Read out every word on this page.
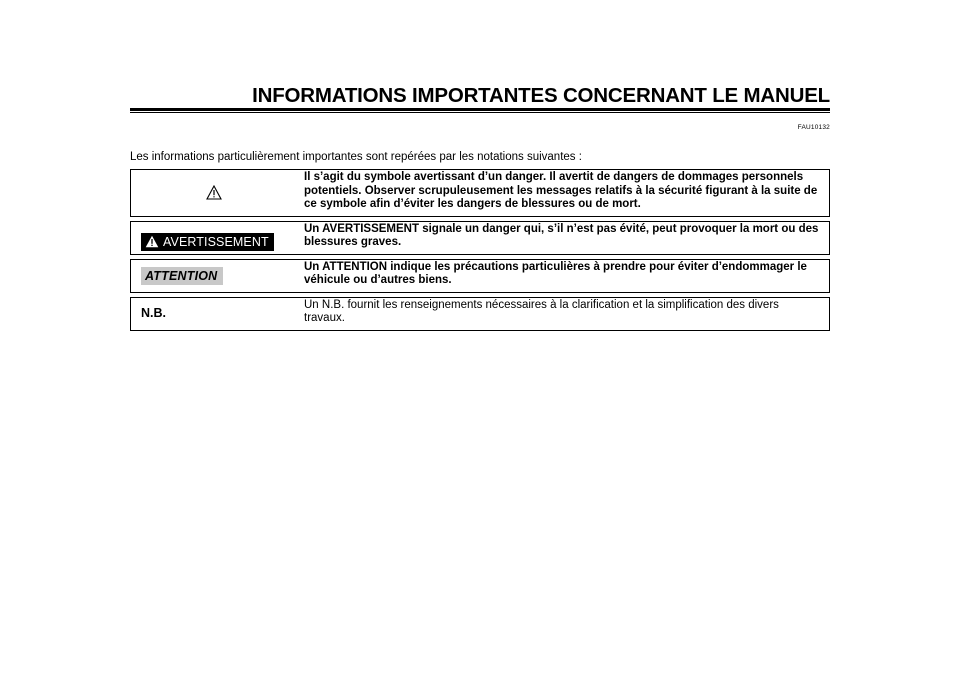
INFORMATIONS IMPORTANTES CONCERNANT LE MANUEL
FAU10132

Les informations particulièrement importantes sont repérées par les notations suivantes :

Il s’agit du symbole avertissant d’un danger. Il avertit de dangers de dommages personnels potentiels. Observer scrupuleusement les messages relatifs à la sécurité figurant à la suite de ce symbole afin d’éviter les dangers de blessures ou de mort.

AVERTISSEMENT	Un AVERTISSEMENT signale un danger qui, s’il n’est pas évité, peut provoquer la mort ou des blessures graves.

ATTENTION	Un ATTENTION indique les précautions particulières à prendre pour éviter d’endommager le véhicule ou d’autres biens.

N.B.	Un N.B. fournit les renseignements nécessaires à la clarification et la simplification des divers travaux.
